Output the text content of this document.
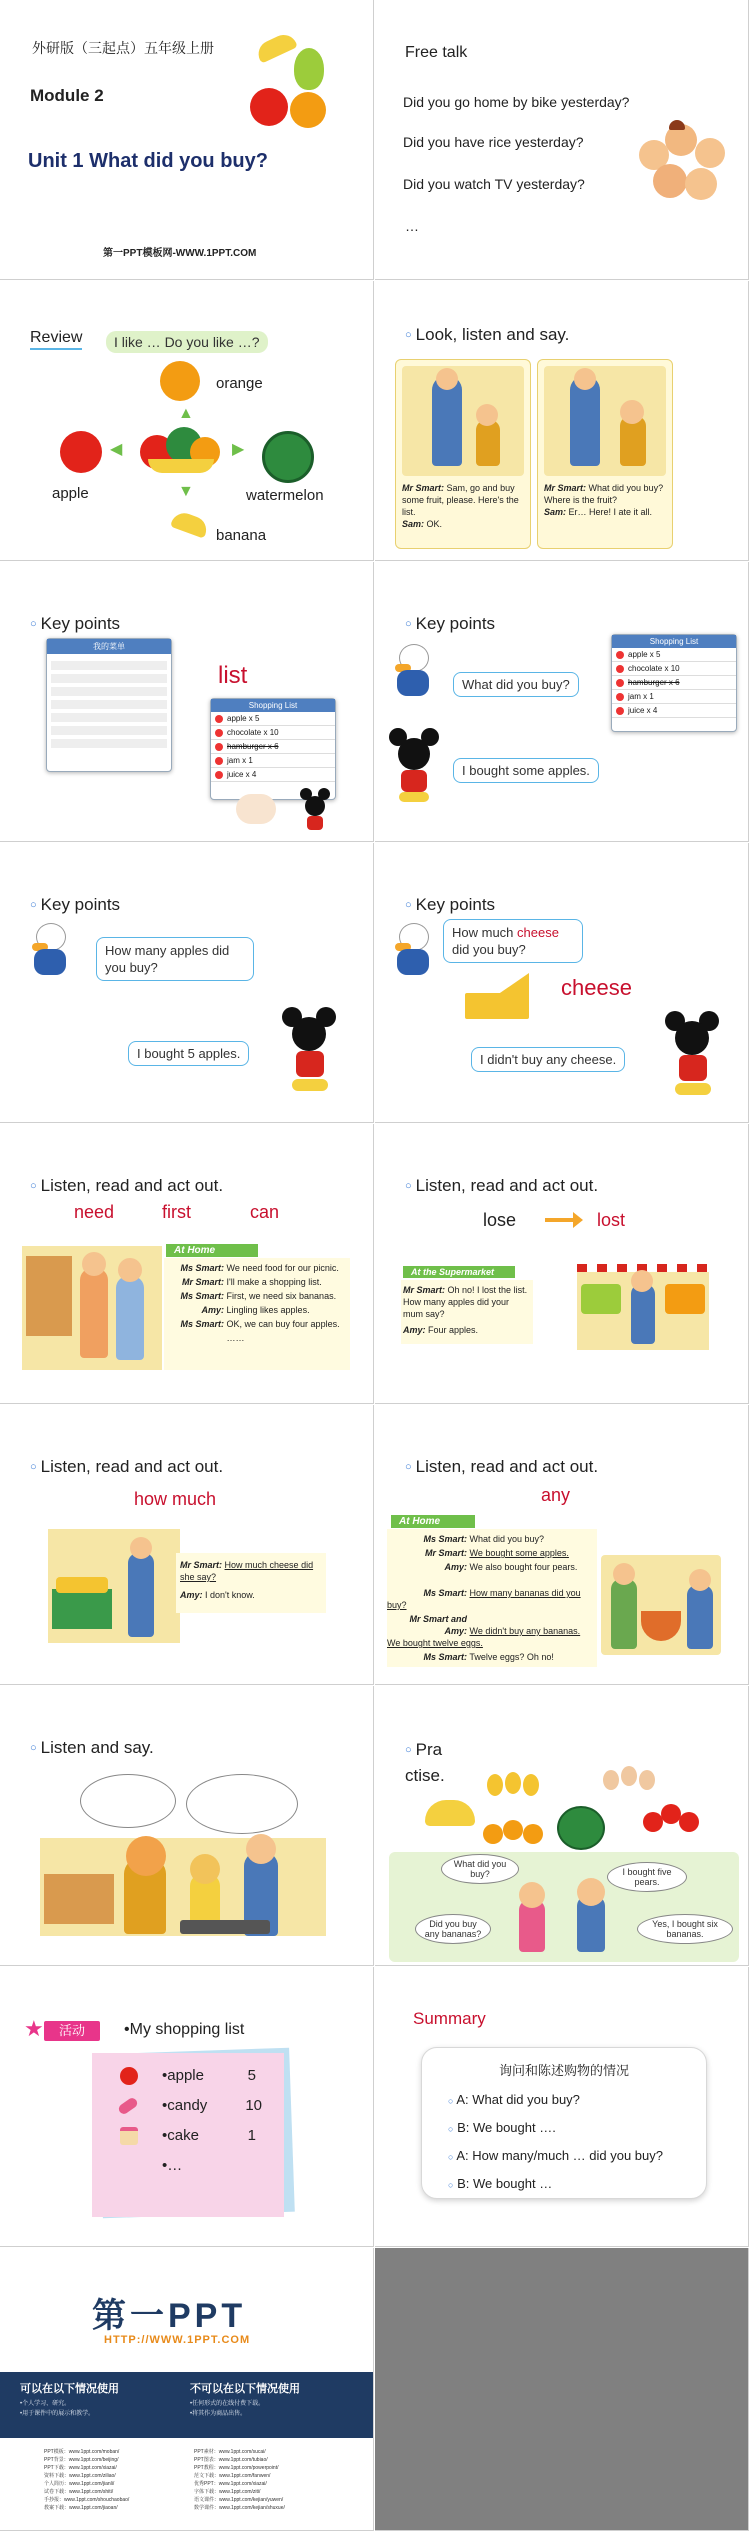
外研版（三起点）五年级上册
Module 2
Unit 1 What did you buy?
第一PPT模板网-WWW.1PPT.COM
Free talk
Did you go home by bike yesterday?
Did you have rice yesterday?
Did you watch TV yesterday?
…
Review	I like … Do you like …?
orange
apple	watermelon
banana
▲
◀	▶
▼
○ Look, listen and say.
Mr Smart: Sam, go and buy some fruit, please. Here's the list.
Sam: OK.
Mr Smart: What did you buy? Where is the fruit?
Sam: Er… Here! I ate it all.
○ Key points
我的菜单
list
Shopping List
apple x 5
chocolate x 10
hamburger x 6
jam x 1
juice x 4
○ Key points
What did you buy?
I bought some apples.
Shopping List
apple x 5
chocolate x 10
hamburger x 6
jam x 1
juice x 4
○ Key points
How many apples did you buy?
I bought 5 apples.
○ Key points
How much cheese did you buy?
cheese
I didn't buy any cheese.
○ Listen, read and act out.
need	first	can
At Home
Ms Smart: We need food for our picnic.
Mr Smart: I'll make a shopping list.
Ms Smart: First, we need six bananas.
Amy: Lingling likes apples.
Ms Smart: OK, we can buy four apples.
……
○ Listen, read and act out.
lose	lost
At the Supermarket
Mr Smart: Oh no! I lost the list. How many apples did your mum say?
Amy: Four apples.
○ Listen, read and act out.
how much
Mr Smart: How much cheese did she say?
Amy: I don't know.
○ Listen, read and act out.
any
At Home
Ms Smart: What did you buy?
Mr Smart: We bought some apples.
Amy: We also bought four pears.
Ms Smart: How many bananas did you buy?
Mr Smart and Amy: We didn't buy any bananas. We bought twelve eggs.
Ms Smart: Twelve eggs? Oh no!
○ Listen and say.	○ Practise.
What did you buy?	I bought five pears.
Did you buy any bananas?
Yes, I bought six bananas.
★	活动	•My shopping list
•apple	5
•candy	10
•cake	1
•…
Summary
询问和陈述购物的情况
○ A: What did you buy?
○ B: We bought ….
○ A: How many/much … did you buy?
○ B: We bought …
第一PPT
HTTP://WWW.1PPT.COM
可以在以下情况使用
•个人学习、研究。
•用于课件中的展示和教学。
不可以在以下情况使用
•任何形式的在线付费下载。
•将其作为商品出售。
PPT模板：www.1ppt.com/moban/
PPT背景：www.1ppt.com/beijing/
PPT下载：www.1ppt.com/xiazai/
资料下载：www.1ppt.com/ziliao/
个人简历：www.1ppt.com/jianli/
试卷下载：www.1ppt.com/shiti/
手抄报：www.1ppt.com/shouchaobao/
教案下载：www.1ppt.com/jiaoan/
PPT素材：www.1ppt.com/sucai/
PPT图表：www.1ppt.com/tubiao/
PPT教程：www.1ppt.com/powerpoint/
范文下载：www.1ppt.com/fanwen/
优秀PPT：www.1ppt.com/xiazai/
字体下载：www.1ppt.com/ziti/
语文课件：www.1ppt.com/kejian/yuwen/
数学课件：www.1ppt.com/kejian/shuxue/
